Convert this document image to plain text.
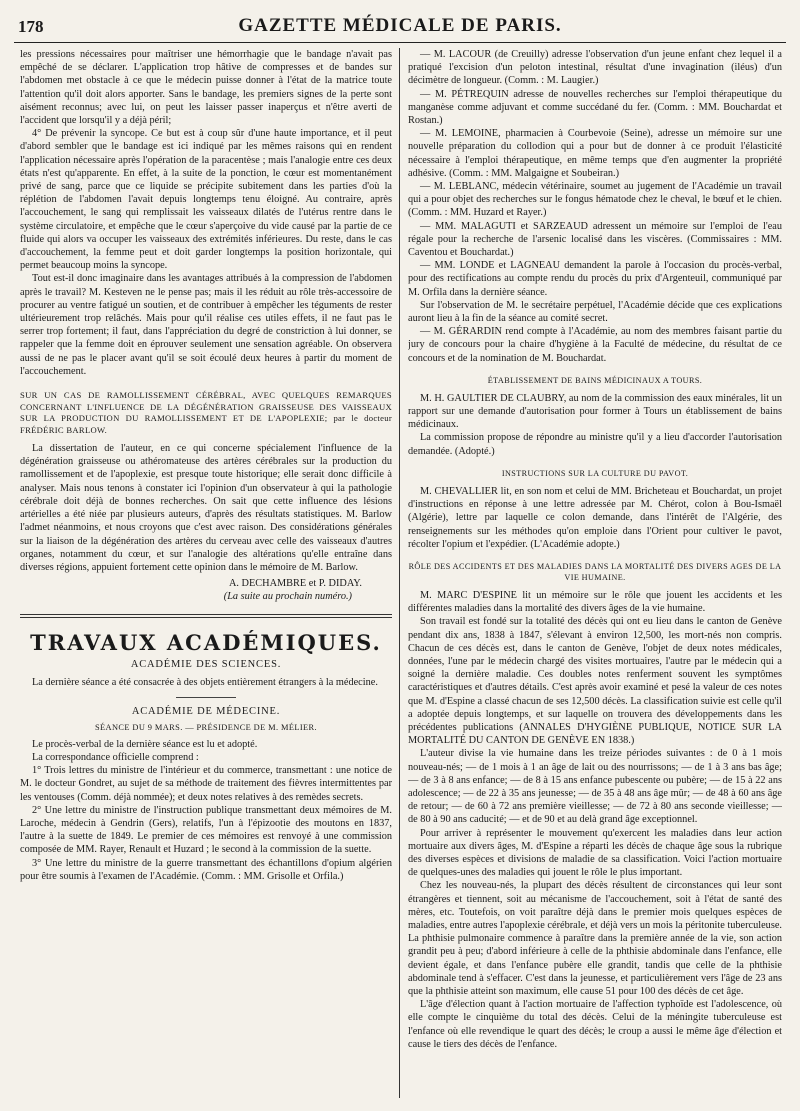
178	GAZETTE MÉDICALE DE PARIS.

les pressions nécessaires pour maîtriser une hémorrhagie que le bandage n'avait pas empêché de se déclarer. L'application trop hâtive de compresses et de bandes sur l'abdomen met obstacle à ce que le médecin puisse donner à l'état de la matrice toute l'attention qu'il doit alors apporter. Sans le bandage, les premiers signes de la perte sont aisément reconnus; avec lui, on peut les laisser passer inaperçus et n'être averti de l'accident que lorsqu'il y a déjà péril;

4° De prévenir la syncope. Ce but est à coup sûr d'une haute importance, et il peut d'abord sembler que le bandage est ici indiqué par les mêmes raisons qui en rendent l'application nécessaire après l'opération de la paracentèse ; mais l'analogie entre ces deux états n'est qu'apparente. En effet, à la suite de la ponction, le cœur est momentanément privé de sang, parce que ce liquide se précipite subitement dans les parties d'où la réplétion de l'abdomen l'avait depuis longtemps tenu éloigné. Au contraire, après l'accouchement, le sang qui remplissait les vaisseaux dilatés de l'utérus rentre dans le système circulatoire, et empêche que le cœur s'aperçoive du vide causé par la partie de ce fluide qui alors va occuper les vaisseaux des extrémités inférieures. Du reste, dans le cas d'accouchement, la femme peut et doit garder longtemps la position horizontale, qui permet beaucoup moins la syncope.

Tout est-il donc imaginaire dans les avantages attribués à la compression de l'abdomen après le travail? M. Kesteven ne le pense pas; mais il les réduit au rôle très-accessoire de procurer au ventre fatigué un soutien, et de contribuer à empêcher les téguments de rester ultérieurement trop relâchés. Mais pour qu'il réalise ces utiles effets, il ne faut pas le serrer trop fortement; il faut, dans l'appréciation du degré de constriction à lui donner, se rappeler que la femme doit en éprouver seulement une sensation agréable. On observera aussi de ne pas le placer avant qu'il se soit écoulé deux heures à partir du moment de l'accouchement.

SUR UN CAS DE RAMOLLISSEMENT CÉRÉBRAL, AVEC QUELQUES REMARQUES CONCERNANT L'INFLUENCE DE LA DÉGÉNÉRATION GRAISSEUSE DES VAISSEAUX SUR LA PRODUCTION DU RAMOLLISSEMENT ET DE L'APOPLEXIE; par le docteur FRÉDÉRIC BARLOW.

La dissertation de l'auteur, en ce qui concerne spécialement l'influence de la dégénération graisseuse ou athéromateuse des artères cérébrales sur la production du ramollissement et de l'apoplexie, est presque toute historique; elle serait donc difficile à analyser. Mais nous tenons à constater ici l'opinion d'un observateur à qui la pathologie cérébrale doit déjà de bonnes recherches. On sait que cette influence des lésions artérielles a été niée par plusieurs auteurs, d'après des résultats statistiques. M. Barlow l'admet néanmoins, et nous croyons que c'est avec raison. Des considérations générales sur la liaison de la dégénération des artères du cerveau avec celle des vaisseaux d'autres organes, notamment du cœur, et sur l'analogie des altérations qu'elle entraîne dans diverses régions, appuient fortement cette opinion dans le mémoire de M. Barlow.

A. DECHAMBRE et P. DIDAY.
(La suite au prochain numéro.)
TRAVAUX ACADÉMIQUES.
ACADÉMIE DES SCIENCES.

La dernière séance a été consacrée à des objets entièrement étrangers à la médecine.

ACADÉMIE DE MÉDECINE.
SÉANCE DU 9 MARS. — PRÉSIDENCE DE M. MÉLIER.

Le procès-verbal de la dernière séance est lu et adopté.

La correspondance officielle comprend :

1° Trois lettres du ministre de l'intérieur et du commerce, transmettant : une notice de M. le docteur Gondret, au sujet de sa méthode de traitement des fièvres intermittentes par les ventouses (Comm. déjà nommée); et deux notes relatives à des remèdes secrets.

2° Une lettre du ministre de l'instruction publique transmettant deux mémoires de M. Laroche, médecin à Gendrin (Gers), relatifs, l'un à l'épizootie des moutons en 1837, l'autre à la suette de 1849. Le premier de ces mémoires est renvoyé à une commission composée de MM. Rayer, Renault et Huzard ; le second à la commission de la suette.

3° Une lettre du ministre de la guerre transmettant des échantillons d'opium algérien pour être soumis à l'examen de l'Académie. (Comm. : MM. Grisolle et Orfila.)

— M. LACOUR (de Creuilly) adresse l'observation d'un jeune enfant chez lequel il a pratiqué l'excision d'un peloton intestinal, résultat d'une invagination (iléus) d'un décimètre de longueur. (Comm. : M. Laugier.)

— M. PÉTREQUIN adresse de nouvelles recherches sur l'emploi thérapeutique du manganèse comme adjuvant et comme succédané du fer. (Comm. : MM. Bouchardat et Rostan.)

— M. LEMOINE, pharmacien à Courbevoie (Seine), adresse un mémoire sur une nouvelle préparation du collodion qui a pour but de donner à ce produit l'élasticité nécessaire à l'emploi thérapeutique, en même temps que d'en augmenter la propriété adhésive. (Comm. : MM. Malgaigne et Soubeiran.)

— M. LEBLANC, médecin vétérinaire, soumet au jugement de l'Académie un travail qui a pour objet des recherches sur le fongus hématode chez le cheval, le bœuf et le chien. (Comm. : MM. Huzard et Rayer.)

— MM. MALAGUTI et SARZEAUD adressent un mémoire sur l'emploi de l'eau régale pour la recherche de l'arsenic localisé dans les viscères. (Commissaires : MM. Caventou et Bouchardat.)

— MM. LONDE et LAGNEAU demandent la parole à l'occasion du procès-verbal, pour des rectifications au compte rendu du procès du prix d'Argenteuil, communiqué par M. Orfila dans la dernière séance.

Sur l'observation de M. le secrétaire perpétuel, l'Académie décide que ces explications auront lieu à la fin de la séance au comité secret.

— M. GÉRARDIN rend compte à l'Académie, au nom des membres faisant partie du jury de concours pour la chaire d'hygiène à la Faculté de médecine, du résultat de ce concours et de la nomination de M. Bouchardat.

ÉTABLISSEMENT DE BAINS MÉDICINAUX A TOURS.

M. H. GAULTIER DE CLAUBRY, au nom de la commission des eaux minérales, lit un rapport sur une demande d'autorisation pour former à Tours un établissement de bains médicinaux.

La commission propose de répondre au ministre qu'il y a lieu d'accorder l'autorisation demandée. (Adopté.)

INSTRUCTIONS SUR LA CULTURE DU PAVOT.

M. CHEVALLIER lit, en son nom et celui de MM. Bricheteau et Bouchardat, un projet d'instructions en réponse à une lettre adressée par M. Chérot, colon à Bou-Ismaël (Algérie), lettre par laquelle ce colon demande, dans l'intérêt de l'Algérie, des renseignements sur les méthodes qu'on emploie dans l'Orient pour cultiver le pavot, récolter l'opium et l'expédier. (L'Académie adopte.)

RÔLE DES ACCIDENTS ET DES MALADIES DANS LA MORTALITÉ DES DIVERS AGES DE LA VIE HUMAINE.

M. MARC D'ESPINE lit un mémoire sur le rôle que jouent les accidents et les différentes maladies dans la mortalité des divers âges de la vie humaine.

Son travail est fondé sur la totalité des décès qui ont eu lieu dans le canton de Genève pendant dix ans, 1838 à 1847, s'élevant à environ 12,500, les mort-nés non compris. Chacun de ces décès est, dans le canton de Genève, l'objet de deux notes médicales, données, l'une par le médecin chargé des visites mortuaires, l'autre par le médecin qui a soigné la dernière maladie. Ces doubles notes renferment souvent les symptômes caractéristiques et d'autres détails. C'est après avoir examiné et pesé la valeur de ces notes que M. d'Espine a classé chacun de ses 12,500 décès. La classification suivie est celle qu'il a adoptée depuis longtemps, et sur laquelle on trouvera des développements dans les précédentes publications (ANNALES D'HYGIÈNE PUBLIQUE, NOTICE SUR LA MORTALITÉ DU CANTON DE GENÈVE EN 1838.)

L'auteur divise la vie humaine dans les treize périodes suivantes : de 0 à 1 mois nouveau-nés; — de 1 mois à 1 an âge de lait ou des nourrissons; — de 1 à 3 ans bas âge; — de 3 à 8 ans enfance; — de 8 à 15 ans enfance pubescente ou pubère; — de 15 à 22 ans adolescence; — de 22 à 35 ans jeunesse; — de 35 à 48 ans âge mûr; — de 48 à 60 ans âge de retour; — de 60 à 72 ans première vieillesse; — de 72 à 80 ans seconde vieillesse; — de 80 à 90 ans caducité; — et de 90 et au delà grand âge exceptionnel.

Pour arriver à représenter le mouvement qu'exercent les maladies dans leur action mortuaire aux divers âges, M. d'Espine a réparti les décès de chaque âge sous la rubrique des diverses espèces et divisions de maladie de sa classification. Voici l'action mortuaire de quelques-unes des maladies qui jouent le rôle le plus important.

Chez les nouveau-nés, la plupart des décès résultent de circonstances qui leur sont étrangères et tiennent, soit au mécanisme de l'accouchement, soit à l'état de santé des mères, etc. Toutefois, on voit paraître déjà dans le premier mois quelques espèces de maladies, entre autres l'apoplexie cérébrale, et déjà vers un mois la péritonite tuberculeuse. La phthisie pulmonaire commence à paraître dans la première année de la vie, son action grandit peu à peu; d'abord inférieure à celle de la phthisie abdominale dans l'enfance, elle devient égale, et dans l'enfance pubère elle grandit, tandis que celle de la phthisie abdominale tend à s'effacer. C'est dans la jeunesse, et particulièrement vers l'âge de 23 ans que la phthisie atteint son maximum, elle cause 51 pour 100 des décès de cet âge.

L'âge d'élection quant à l'action mortuaire de l'affection typhoïde est l'adolescence, où elle compte le cinquième du total des décès. Celui de la méningite tuberculeuse est l'enfance où elle revendique le quart des décès; le croup a aussi le même âge d'élection et cause le tiers des décès de l'enfance.
